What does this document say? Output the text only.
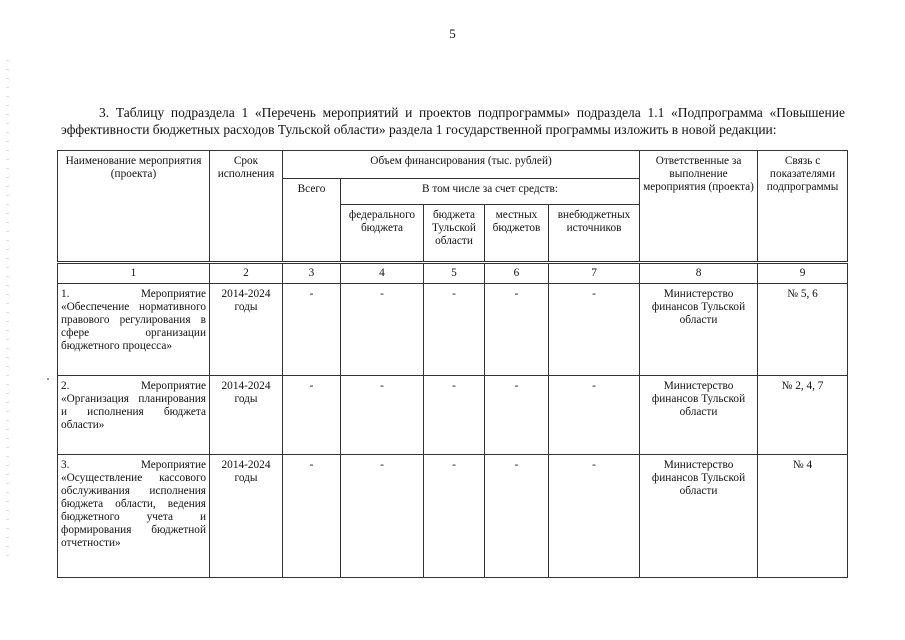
5

3. Таблицу подраздела 1 «Перечень мероприятий и проектов подпрограммы» подраздела 1.1 «Подпрограмма «Повышение эффективности бюджетных расходов Тульской области» раздела 1 государственной программы изложить в новой редакции:

Наименование мероприятия (проекта)	Срок исполнения	Объем финансирования (тыс. рублей)					Ответственные за выполнение мероприятия (проекта)	Связь с показателями подпрограммы
		Всего	В том числе за счет средств:					
			федерального бюджета	бюджета Тульской области	местных бюджетов	внебюджетных источников		
1	2	3	4	5	6	7	8	9
1. Мероприятие «Обеспечение нормативного правового регулирования в сфере организации бюджетного процесса»	2014-2024 годы	-	-	-	-	-	Министерство финансов Тульской области	№ 5, 6
2. Мероприятие «Организация планирования и исполнения бюджета области»	2014-2024 годы	-	-	-	-	-	Министерство финансов Тульской области	№ 2, 4, 7
3. Мероприятие «Осуществление кассового обслуживания исполнения бюджета области, ведения бюджетного учета и формирования бюджетной отчетности»	2014-2024 годы	-	-	-	-	-	Министерство финансов Тульской области	№ 4
